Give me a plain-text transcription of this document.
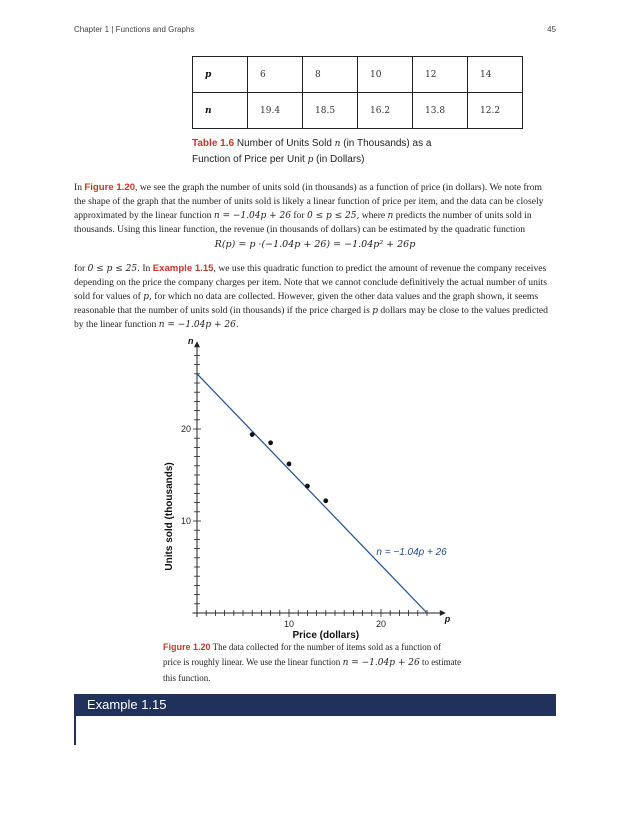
Chapter 1 | Functions and Graphs	45
p	6	8	10	12	14
n	19.4	18.5	16.2	13.8	12.2
Table 1.6 Number of Units Sold n (in Thousands) as a
Function of Price per Unit p (in Dollars)
In Figure 1.20, we see the graph the number of units sold (in thousands) as a function of price (in dollars). We note from
the shape of the graph that the number of units sold is likely a linear function of price per item, and the data can be closely
approximated by the linear function n = −1.04p + 26 for 0 ≤ p ≤ 25, where n predicts the number of units sold in
thousands. Using this linear function, the revenue (in thousands of dollars) can be estimated by the quadratic function
R(p) = p ·(−1.04p + 26) = −1.04p² + 26p
for 0 ≤ p ≤ 25. In Example 1.15, we use this quadratic function to predict the amount of revenue the company receives
depending on the price the company charges per item. Note that we cannot conclude definitively the actual number of units
sold for values of p, for which no data are collected. However, given the other data values and the graph shown, it seems
reasonable that the number of units sold (in thousands) if the price charged is p dollars may be close to the values predicted
by the linear function n = −1.04p + 26.
10	20
10
20
p
n
Price (dollars)
Units sold (thousands)	n = −1.04p + 26
Figure 1.20 The data collected for the number of items sold as a function of
price is roughly linear. We use the linear function n = −1.04p + 26 to estimate
this function.
Example 1.15
